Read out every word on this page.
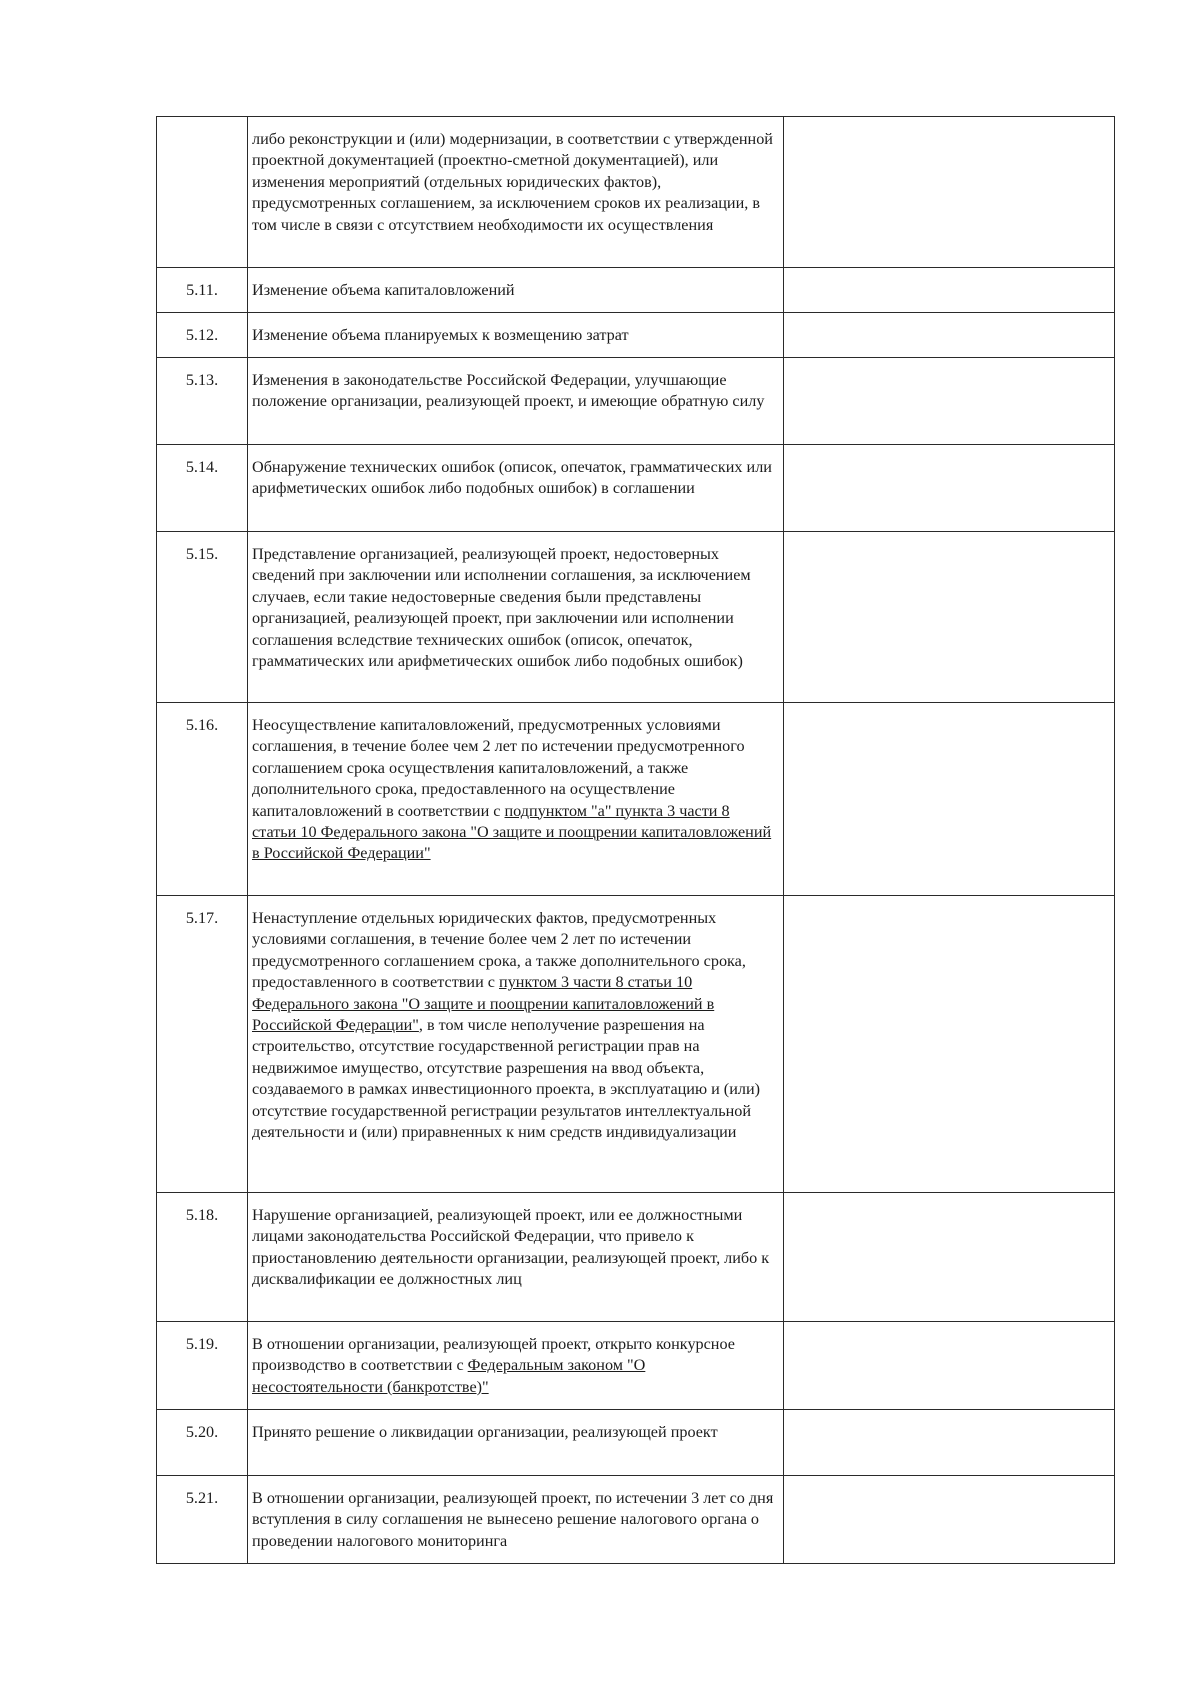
	либо реконструкции и (или) модернизации, в соответствии с утвержденной проектной документацией (проектно-сметной документацией), или изменения мероприятий (отдельных юридических фактов), предусмотренных соглашением, за исключением сроков их реализации, в том числе в связи с отсутствием необходимости их осуществления	
5.11.	Изменение объема капиталовложений	
5.12.	Изменение объема планируемых к возмещению затрат	
5.13.	Изменения в законодательстве Российской Федерации, улучшающие положение организации, реализующей проект, и имеющие обратную силу	
5.14.	Обнаружение технических ошибок (описок, опечаток, грамматических или арифметических ошибок либо подобных ошибок) в соглашении	
5.15.	Представление организацией, реализующей проект, недостоверных сведений при заключении или исполнении соглашения, за исключением случаев, если такие недостоверные сведения были представлены организацией, реализующей проект, при заключении или исполнении соглашения вследствие технических ошибок (описок, опечаток, грамматических или арифметических ошибок либо подобных ошибок)	
5.16.	Неосуществление капиталовложений, предусмотренных условиями соглашения, в течение более чем 2 лет по истечении предусмотренного соглашением срока осуществления капиталовложений, а также дополнительного срока, предоставленного на осуществление капиталовложений в соответствии с подпунктом "а" пункта 3 части 8 статьи 10 Федерального закона "О защите и поощрении капиталовложений в Российской Федерации"	
5.17.	Ненаступление отдельных юридических фактов, предусмотренных условиями соглашения, в течение более чем 2 лет по истечении предусмотренного соглашением срока, а также дополнительного срока, предоставленного в соответствии с пунктом 3 части 8 статьи 10 Федерального закона "О защите и поощрении капиталовложений в Российской Федерации", в том числе неполучение разрешения на строительство, отсутствие государственной регистрации прав на недвижимое имущество, отсутствие разрешения на ввод объекта, создаваемого в рамках инвестиционного проекта, в эксплуатацию и (или) отсутствие государственной регистрации результатов интеллектуальной деятельности и (или) приравненных к ним средств индивидуализации	
5.18.	Нарушение организацией, реализующей проект, или ее должностными лицами законодательства Российской Федерации, что привело к приостановлению деятельности организации, реализующей проект, либо к дисквалификации ее должностных лиц	
5.19.	В отношении организации, реализующей проект, открыто конкурсное производство в соответствии с Федеральным законом "О несостоятельности (банкротстве)"	
5.20.	Принято решение о ликвидации организации, реализующей проект	
5.21.	В отношении организации, реализующей проект, по истечении 3 лет со дня вступления в силу соглашения не вынесено решение налогового органа о проведении налогового мониторинга	
